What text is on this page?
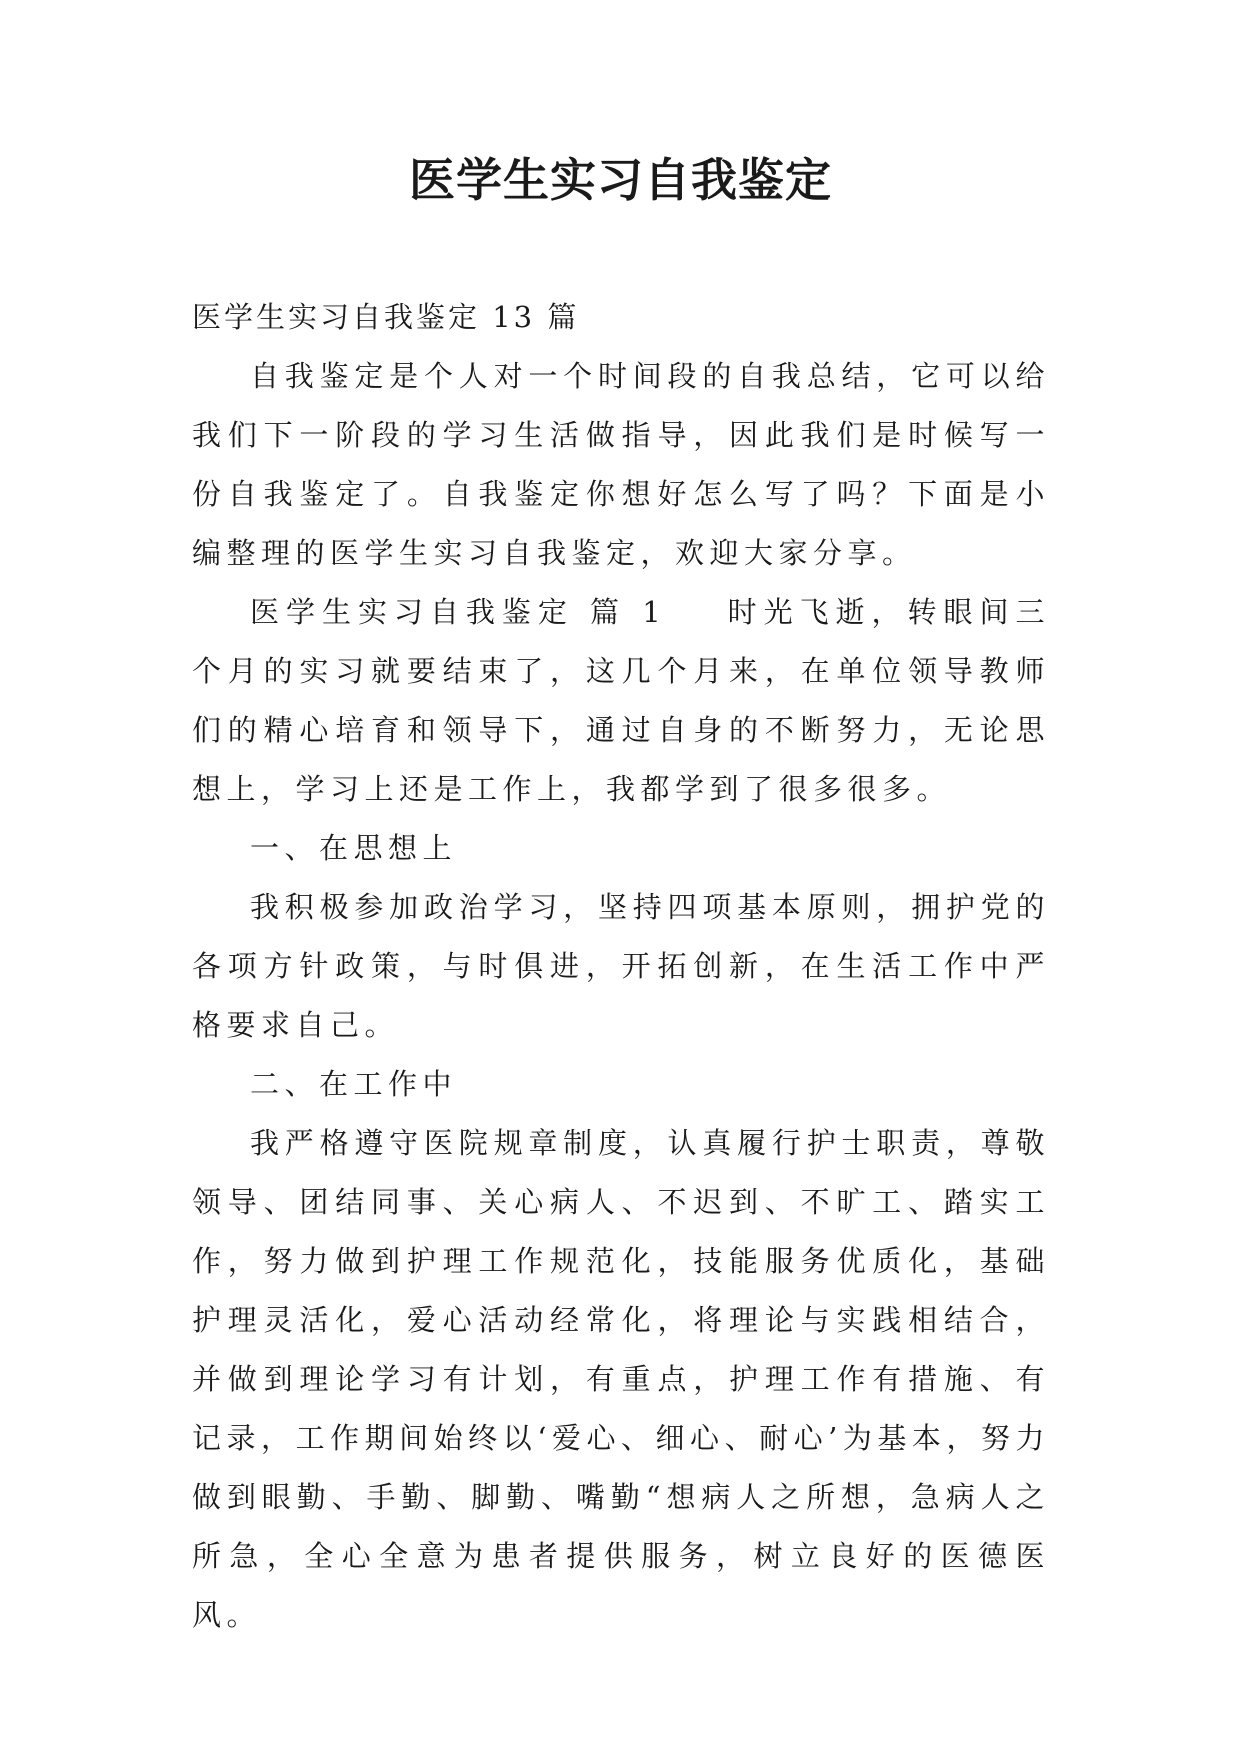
医学生实习自我鉴定

医学生实习自我鉴定 13 篇

自我鉴定是个人对一个时间段的自我总结，它可以给我们下一阶段的学习生活做指导，因此我们是时候写一份自我鉴定了。自我鉴定你想好怎么写了吗？下面是小编整理的医学生实习自我鉴定，欢迎大家分享。

医学生实习自我鉴定 篇 1 时光飞逝，转眼间三个月的实习就要结束了，这几个月来，在单位领导教师们的精心培育和领导下，通过自身的不断努力，无论思想上，学习上还是工作上，我都学到了很多很多。

一、在思想上

我积极参加政治学习，坚持四项基本原则，拥护党的各项方针政策，与时俱进，开拓创新，在生活工作中严格要求自己。

二、在工作中

我严格遵守医院规章制度，认真履行护士职责，尊敬领导、团结同事、关心病人、不迟到、不旷工、踏实工作，努力做到护理工作规范化，技能服务优质化，基础护理灵活化，爱心活动经常化，将理论与实践相结合，并做到理论学习有计划，有重点，护理工作有措施、有记录，工作期间始终以‘爱心、细心、耐心’为基本，努力做到眼勤、手勤、脚勤、嘴勤“想病人之所想，急病人之所急，全心全意为患者提供服务，树立良好的医德医风。
